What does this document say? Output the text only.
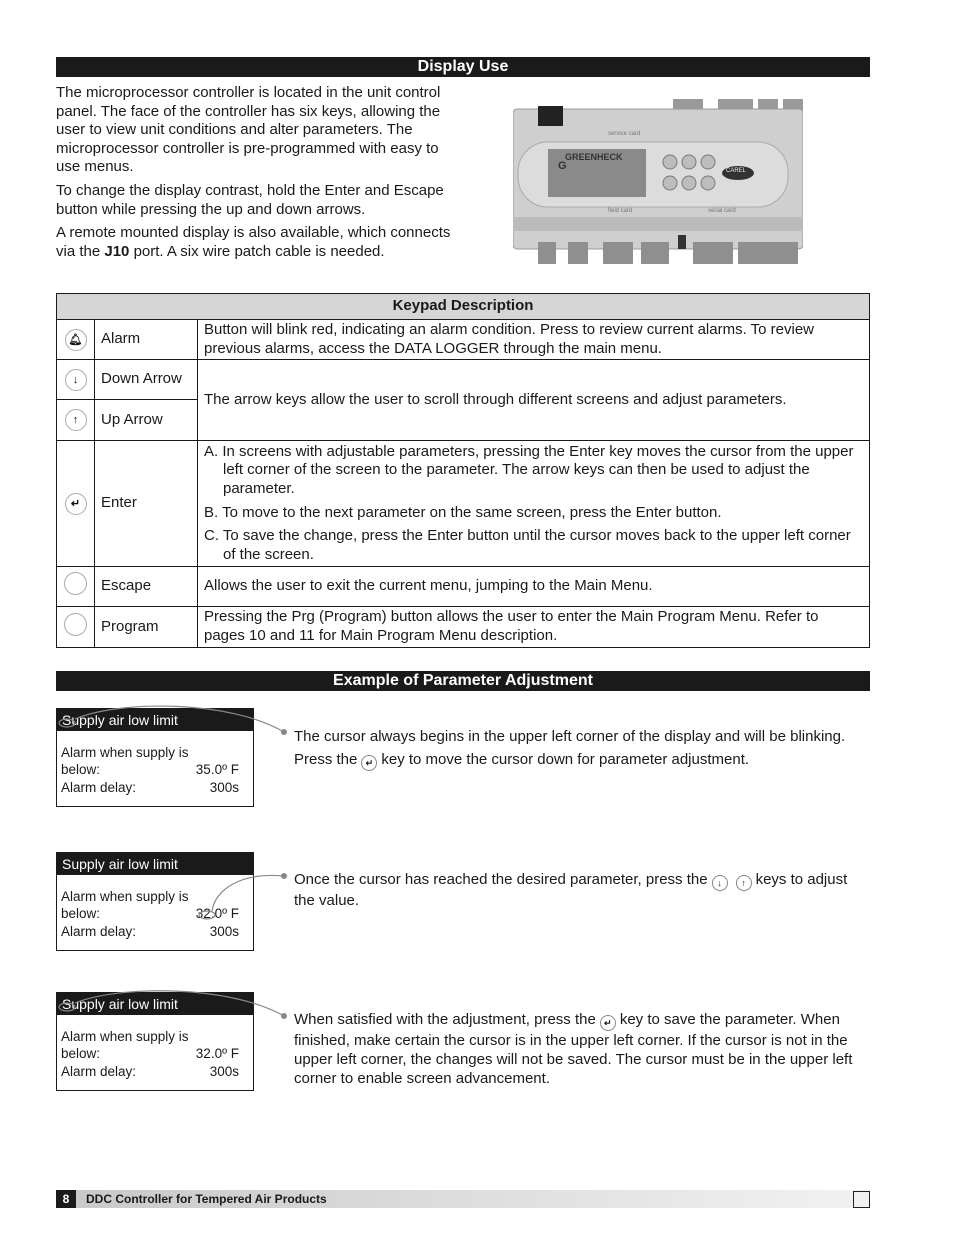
Display Use

The microprocessor controller is located in the unit control panel. The face of the controller has six keys, allowing the user to view unit conditions and alter parameters. The microprocessor controller is pre-programmed with easy to use menus.

To change the display contrast, hold the Enter and Escape button while pressing the up and down arrows.

A remote mounted display is also available, which connects via the J10 port. A six wire patch cable is needed.

G
GREENHECK
CAREL
service card
field card	serial card
Keypad Description		
🔔︎	Alarm	Button will blink red, indicating an alarm condition. Press to review current alarms. To review previous alarms, access the DATA LOGGER through the main menu.
↓	Down Arrow	The arrow keys allow the user to scroll through different screens and adjust parameters.
↑	Up Arrow	
↵	Enter	A. In screens with adjustable parameters, pressing the Enter key moves the cursor from the upper left corner of the screen to the parameter. The arrow keys can then be used to adjust the parameter.

B. To move to the next parameter on the same screen, press the Enter button.

C. To save the change, press the Enter button until the cursor moves back to the upper left corner of the screen.

	Escape	Allows the user to exit the current menu, jumping to the Main Menu.
	Program	Pressing the Prg (Program) button allows the user to enter the Main Program Menu. Refer to pages 10 and 11 for Main Program Menu description.
Example of Parameter Adjustment
Supply air low limit
Alarm when supply is
below:	35.0º F
Alarm delay:	300s
Supply air low limit
Alarm when supply is
below:	32.0º F
Alarm delay:	300s
Supply air low limit
Alarm when supply is
below:	32.0º F
Alarm delay:	300s
The cursor always begins in the upper left corner of the display and will be blinking. Press the ↵ key to move the cursor down for parameter adjustment.
Once the cursor has reached the desired parameter, press the ↓ ↑ keys to adjust the value.
When satisfied with the adjustment, press the ↵ key to save the parameter. When finished, make certain the cursor is in the upper left corner. If the cursor is not in the upper left corner, the changes will not be saved. The cursor must be in the upper left corner to enable screen advancement.
8 DDC Controller for Tempered Air Products
